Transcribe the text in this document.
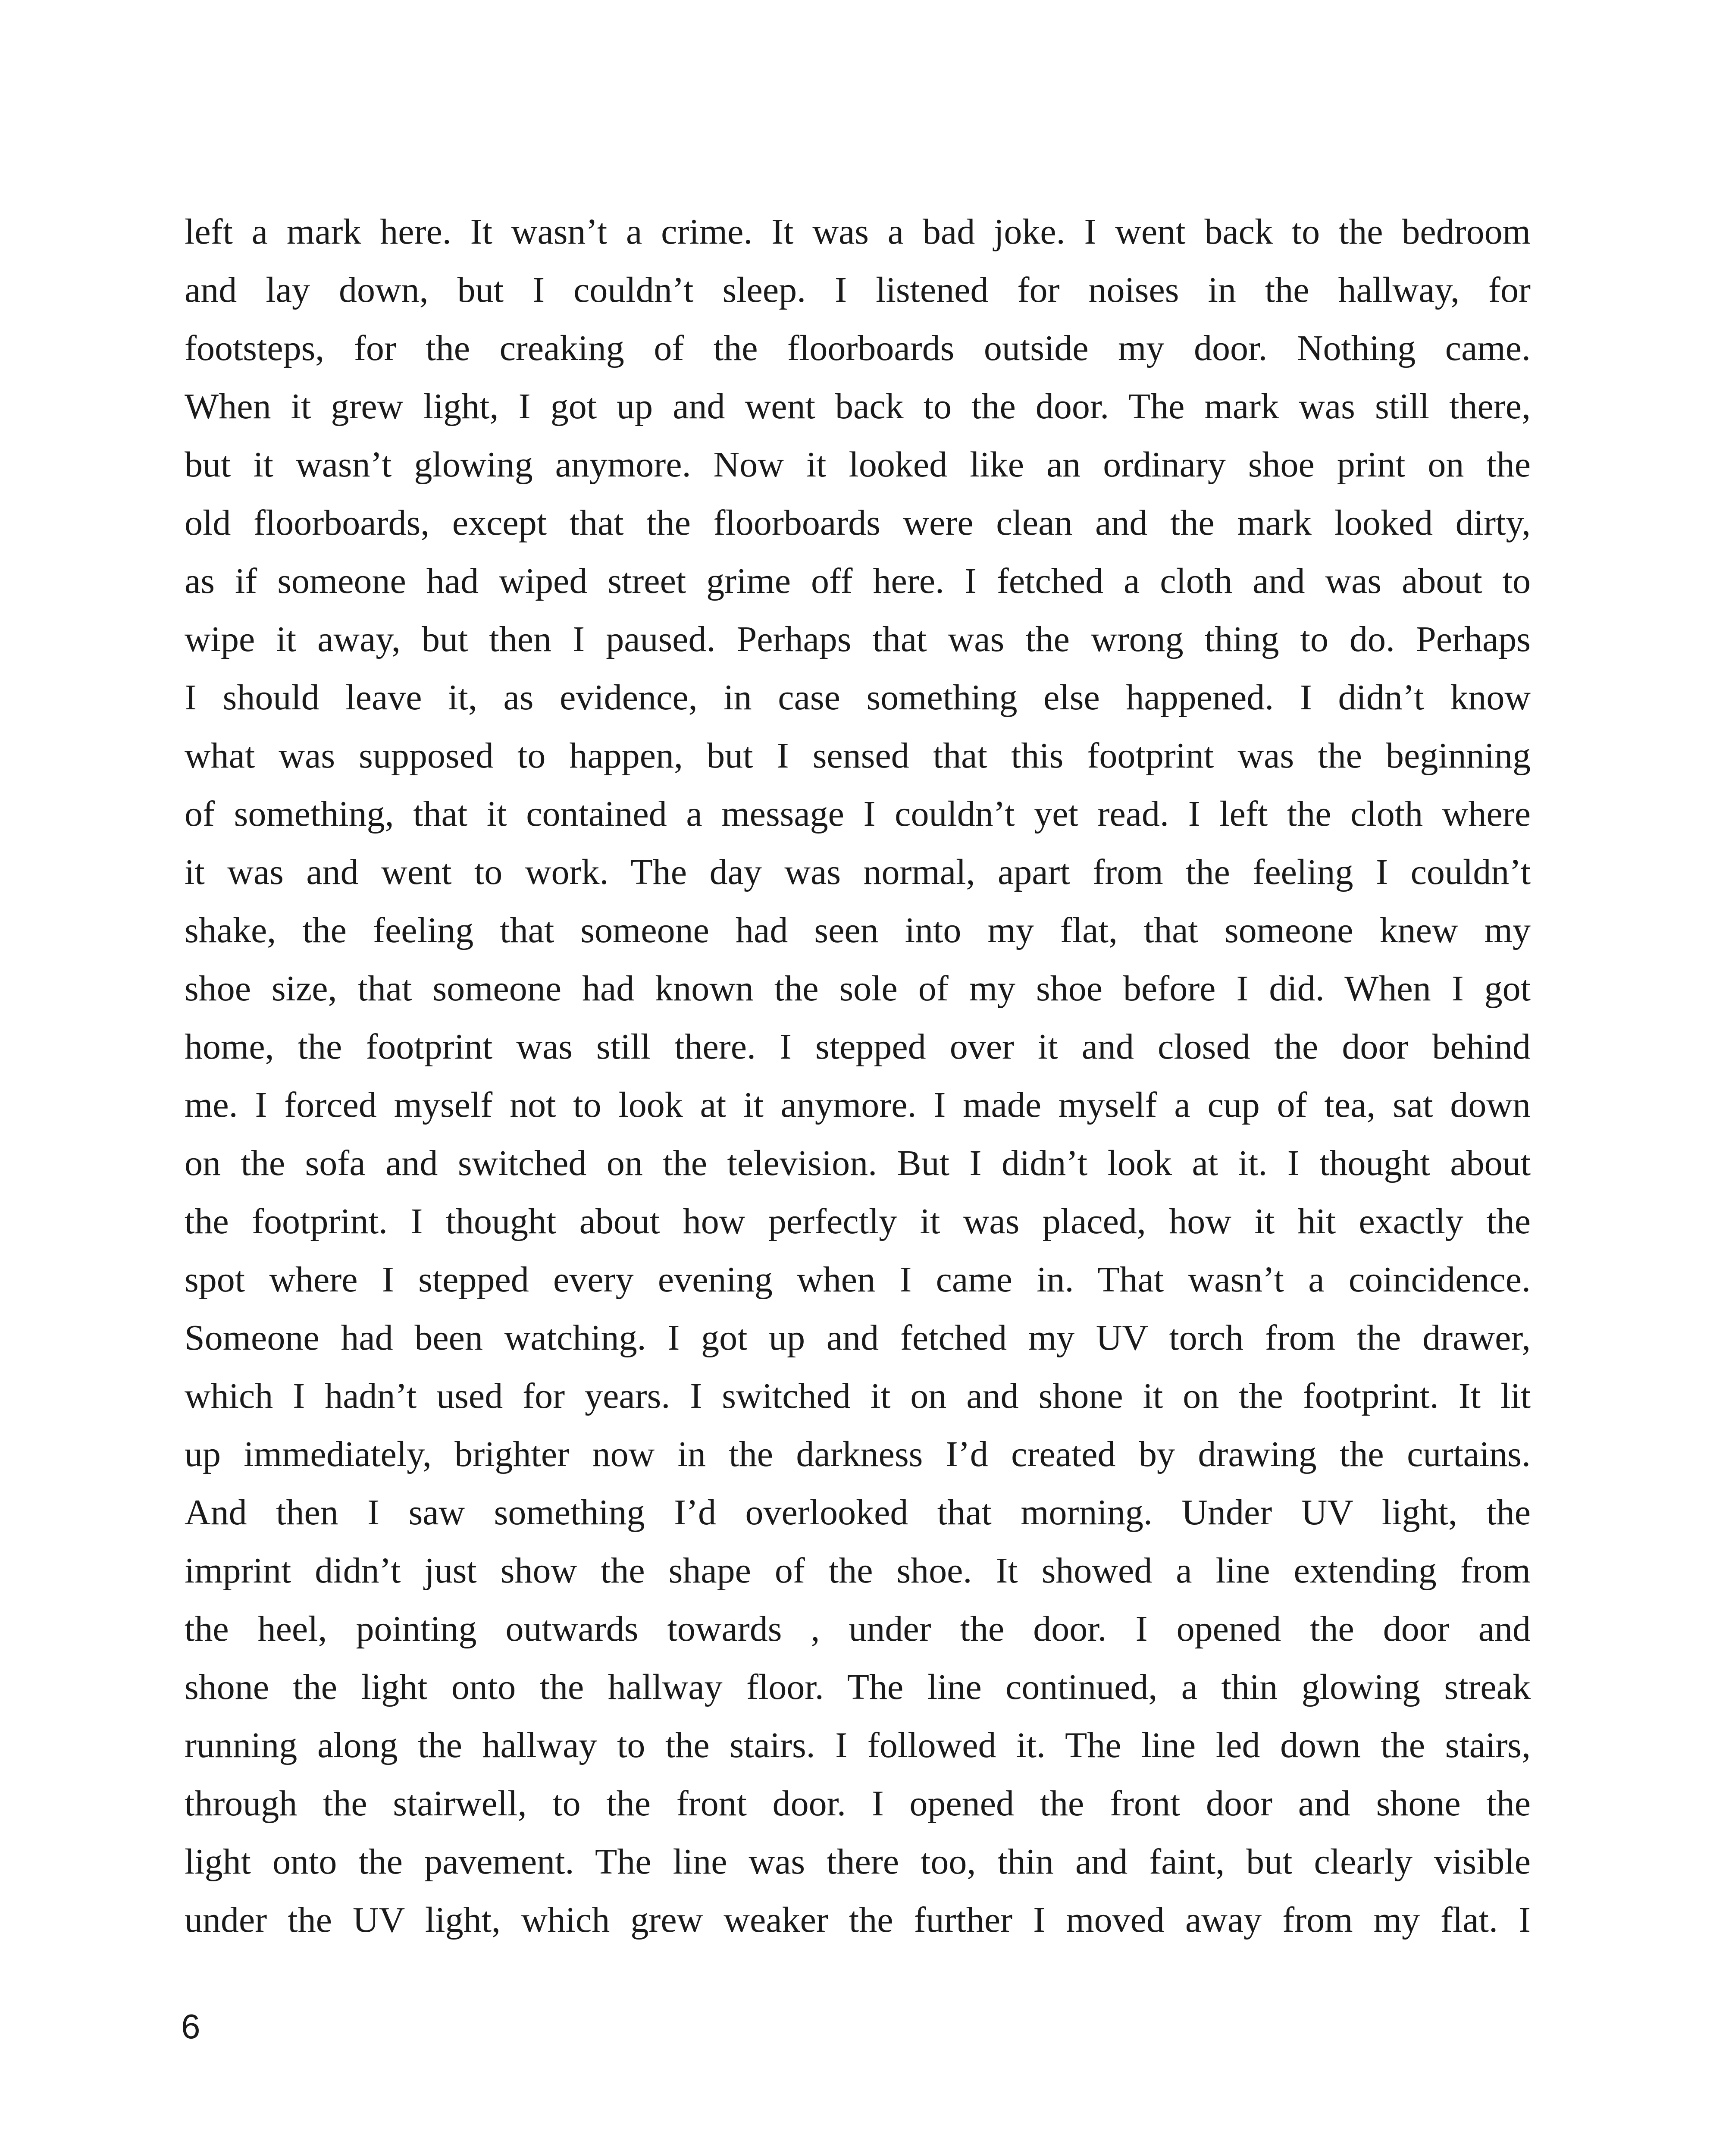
left a mark here. It wasn’t a crime. It was a bad joke. I went back to the bedroom
and lay down, but I couldn’t sleep. I listened for noises in the hallway, for
footsteps, for the creaking of the floorboards outside my door. Nothing came.
When it grew light, I got up and went back to the door. The mark was still there,
but it wasn’t glowing anymore. Now it looked like an ordinary shoe print on the
old floorboards, except that the floorboards were clean and the mark looked dirty,
as if someone had wiped street grime off here. I fetched a cloth and was about to
wipe it away, but then I paused. Perhaps that was the wrong thing to do. Perhaps
I should leave it, as evidence, in case something else happened. I didn’t know
what was supposed to happen, but I sensed that this footprint was the beginning
of something, that it contained a message I couldn’t yet read. I left the cloth where
it was and went to work. The day was normal, apart from the feeling I couldn’t
shake, the feeling that someone had seen into my flat, that someone knew my
shoe size, that someone had known the sole of my shoe before I did. When I got
home, the footprint was still there. I stepped over it and closed the door behind
me. I forced myself not to look at it anymore. I made myself a cup of tea, sat down
on the sofa and switched on the television. But I didn’t look at it. I thought about
the footprint. I thought about how perfectly it was placed, how it hit exactly the
spot where I stepped every evening when I came in. That wasn’t a coincidence.
Someone had been watching. I got up and fetched my UV torch from the drawer,
which I hadn’t used for years. I switched it on and shone it on the footprint. It lit
up immediately, brighter now in the darkness I’d created by drawing the curtains.
And then I saw something I’d overlooked that morning. Under UV light, the
imprint didn’t just show the shape of the shoe. It showed a line extending from
the heel, pointing outwards towards , under the door. I opened the door and
shone the light onto the hallway floor. The line continued, a thin glowing streak
running along the hallway to the stairs. I followed it. The line led down the stairs,
through the stairwell, to the front door. I opened the front door and shone the
light onto the pavement. The line was there too, thin and faint, but clearly visible
under the UV light, which grew weaker the further I moved away from my flat. I
6
